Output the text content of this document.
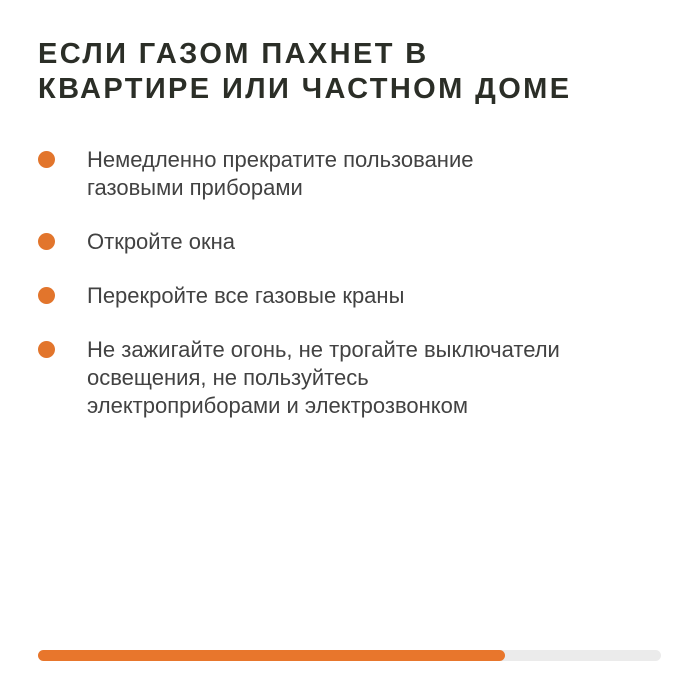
ЕСЛИ ГАЗОМ ПАХНЕТ В
КВАРТИРЕ ИЛИ ЧАСТНОМ ДОМЕ
Немедленно прекратите пользование
газовыми приборами
Откройте окна
Перекройте все газовые краны
Не зажигайте огонь, не трогайте выключатели
освещения, не пользуйтесь
электроприборами и электрозвонком
